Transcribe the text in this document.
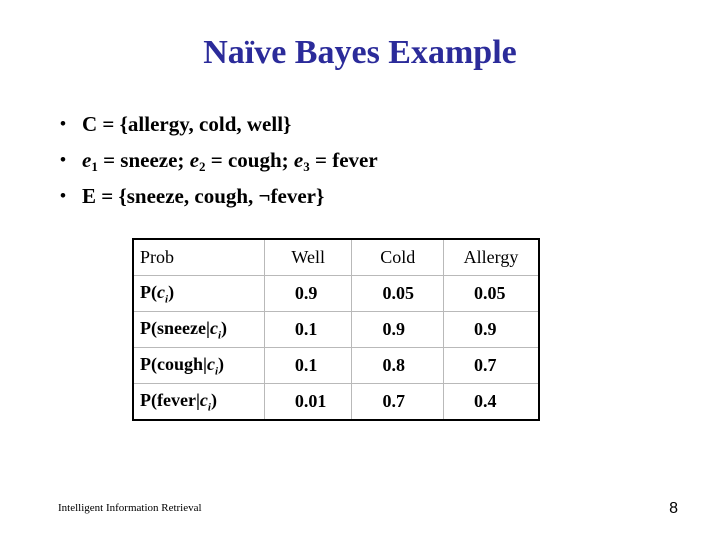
Naïve Bayes Example
• C = {allergy, cold, well}
• $e_1$ = sneeze; $e_2$ = cough; $e_3$ = fever
• E = {sneeze, cough, ¬fever}
Prob	Well	Cold	Allergy
$P(c_i)$	0.9	0.05	0.05
$P(sneeze|c_i)$	0.1	0.9	0.9
$P(cough|c_i)$	0.1	0.8	0.7
$P(fever|c_i)$	0.01	0.7	0.4
Intelligent Information Retrieval	8
